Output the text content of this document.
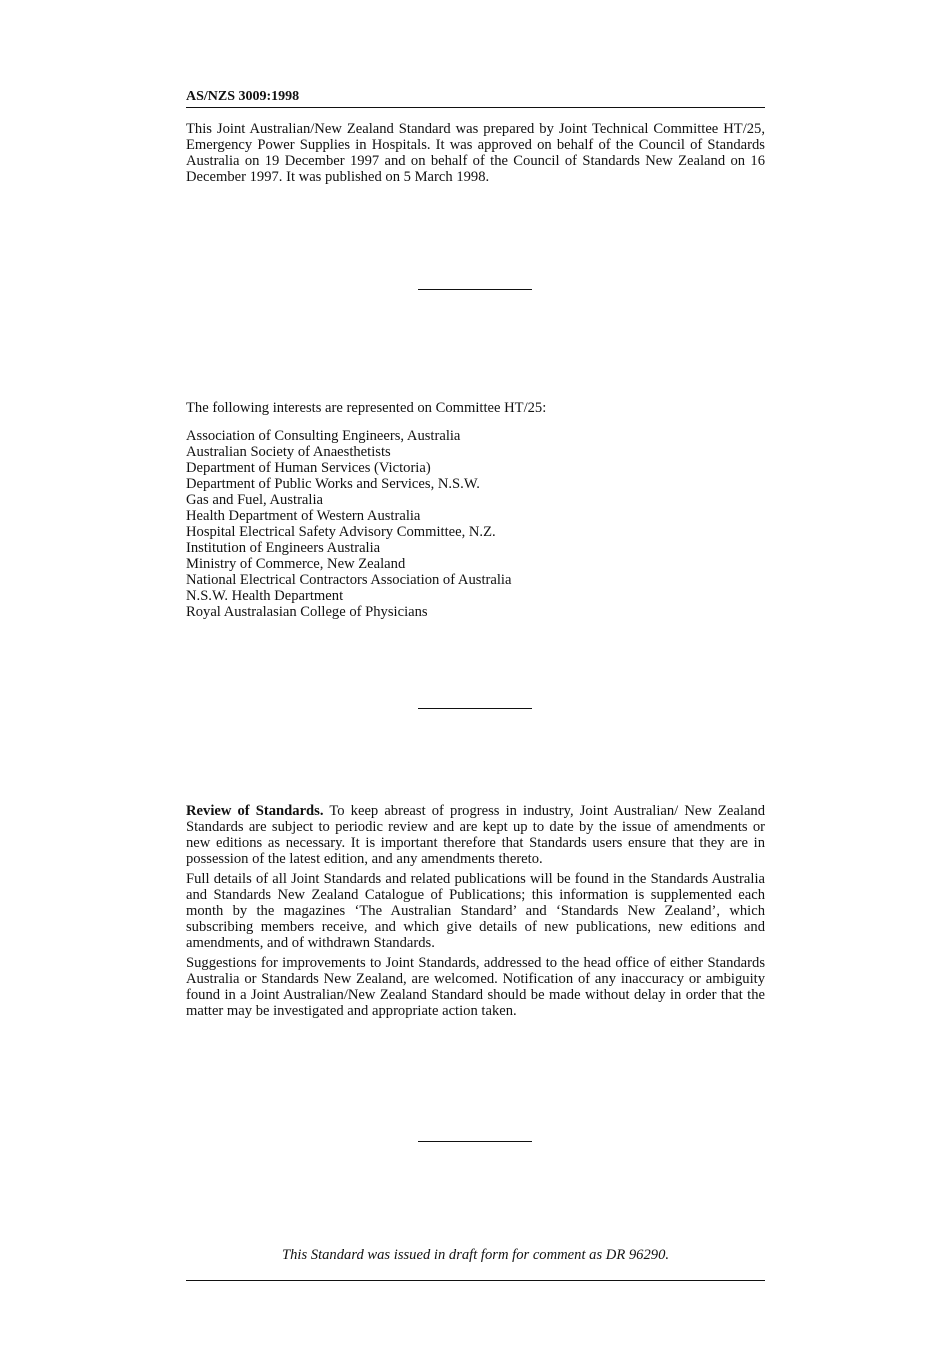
AS/NZS 3009:1998

This Joint Australian/New Zealand Standard was prepared by Joint Technical Committee HT/25, Emergency Power Supplies in Hospitals. It was approved on behalf of the Council of Standards Australia on 19 December 1997 and on behalf of the Council of Standards New Zealand on 16 December 1997. It was published on 5 March 1998.

The following interests are represented on Committee HT/25:

Association of Consulting Engineers, Australia
Australian Society of Anaesthetists
Department of Human Services (Victoria)
Department of Public Works and Services, N.S.W.
Gas and Fuel, Australia
Health Department of Western Australia
Hospital Electrical Safety Advisory Committee, N.Z.
Institution of Engineers Australia
Ministry of Commerce, New Zealand
National Electrical Contractors Association of Australia
N.S.W. Health Department
Royal Australasian College of Physicians

Review of Standards. To keep abreast of progress in industry, Joint Australian/ New Zealand Standards are subject to periodic review and are kept up to date by the issue of amendments or new editions as necessary. It is important therefore that Standards users ensure that they are in possession of the latest edition, and any amendments thereto.

Full details of all Joint Standards and related publications will be found in the Standards Australia and Standards New Zealand Catalogue of Publications; this information is supplemented each month by the magazines ‘The Australian Standard’ and ‘Standards New Zealand’, which subscribing members receive, and which give details of new publications, new editions and amendments, and of withdrawn Standards.

Suggestions for improvements to Joint Standards, addressed to the head office of either Standards Australia or Standards New Zealand, are welcomed. Notification of any inaccuracy or ambiguity found in a Joint Australian/New Zealand Standard should be made without delay in order that the matter may be investigated and appropriate action taken.

This Standard was issued in draft form for comment as DR 96290.
